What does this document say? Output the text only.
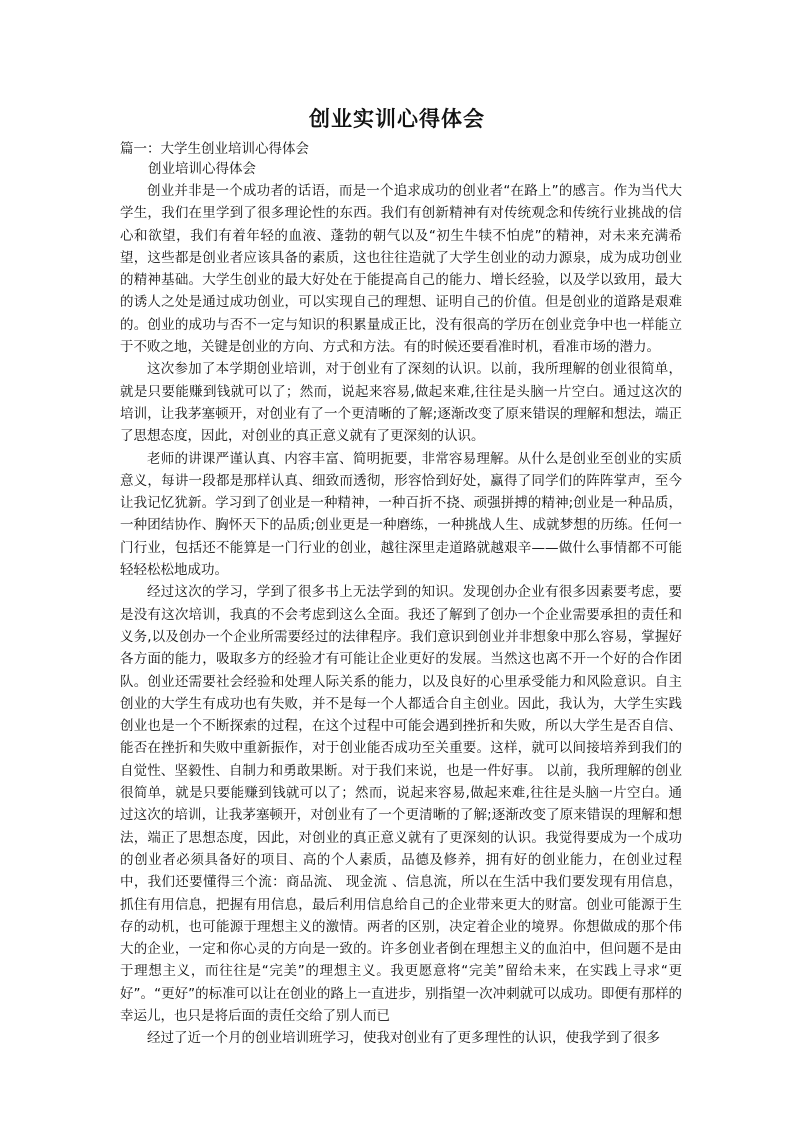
创业实训心得体会
篇一：大学生创业培训心得体会
创业培训心得体会

创业并非是一个成功者的话语，而是一个追求成功的创业者“在路上”的感言。作为当代大学生，我们在里学到了很多理论性的东西。我们有创新精神有对传统观念和传统行业挑战的信心和欲望，我们有着年轻的血液、蓬勃的朝气以及“初生牛犊不怕虎”的精神，对未来充满希望，这些都是创业者应该具备的素质，这也往往造就了大学生创业的动力源泉，成为成功创业的精神基础。大学生创业的最大好处在于能提高自己的能力、增长经验，以及学以致用，最大的诱人之处是通过成功创业，可以实现自己的理想、证明自己的价值。但是创业的道路是艰难的。创业的成功与否不一定与知识的积累量成正比，没有很高的学历在创业竞争中也一样能立于不败之地，关键是创业的方向、方式和方法。有的时候还要看准时机，看准市场的潜力。

这次参加了本学期创业培训，对于创业有了深刻的认识。以前，我所理解的创业很简单，就是只要能赚到钱就可以了；然而，说起来容易,做起来难,往往是头脑一片空白。通过这次的培训，让我茅塞顿开，对创业有了一个更清晰的了解;逐渐改变了原来错误的理解和想法，端正了思想态度，因此，对创业的真正意义就有了更深刻的认识。

老师的讲课严谨认真、内容丰富、简明扼要，非常容易理解。从什么是创业至创业的实质意义，每讲一段都是那样认真、细致而透彻，形容恰到好处，赢得了同学们的阵阵掌声，至今让我记忆犹新。学习到了创业是一种精神，一种百折不挠、顽强拼搏的精神;创业是一种品质，一种团结协作、胸怀天下的品质;创业更是一种磨练，一种挑战人生、成就梦想的历练。任何一门行业，包括还不能算是一门行业的创业，越往深里走道路就越艰辛——做什么事情都不可能轻轻松松地成功。

经过这次的学习，学到了很多书上无法学到的知识。发现创办企业有很多因素要考虑，要是没有这次培训，我真的不会考虑到这么全面。我还了解到了创办一个企业需要承担的责任和义务,以及创办一个企业所需要经过的法律程序。我们意识到创业并非想象中那么容易，掌握好各方面的能力，吸取多方的经验才有可能让企业更好的发展。当然这也离不开一个好的合作团队。创业还需要社会经验和处理人际关系的能力，以及良好的心里承受能力和风险意识。自主创业的大学生有成功也有失败，并不是每一个人都适合自主创业。因此，我认为，大学生实践创业也是一个不断探索的过程，在这个过程中可能会遇到挫折和失败，所以大学生是否自信、能否在挫折和失败中重新振作，对于创业能否成功至关重要。这样，就可以间接培养到我们的自觉性、坚毅性、自制力和勇敢果断。对于我们来说，也是一件好事。 以前，我所理解的创业很简单，就是只要能赚到钱就可以了；然而，说起来容易,做起来难,往往是头脑一片空白。通过这次的培训，让我茅塞顿开，对创业有了一个更清晰的了解;逐渐改变了原来错误的理解和想法，端正了思想态度，因此，对创业的真正意义就有了更深刻的认识。我觉得要成为一个成功的创业者必须具备好的项目、高的个人素质，品德及修养，拥有好的创业能力，在创业过程中，我们还要懂得三个流：商品流、 现金流 、信息流，所以在生活中我们要发现有用信息，抓住有用信息，把握有用信息，最后利用信息给自己的企业带来更大的财富。创业可能源于生存的动机，也可能源于理想主义的激情。两者的区别，决定着企业的境界。你想做成的那个伟大的企业，一定和你心灵的方向是一致的。许多创业者倒在理想主义的血泊中，但问题不是由于理想主义，而往往是“完美”的理想主义。我更愿意将“完美”留给未来，在实践上寻求“更好”。“更好”的标准可以让在创业的路上一直进步，别指望一次冲刺就可以成功。即便有那样的幸运儿，也只是将后面的责任交给了别人而已

经过了近一个月的创业培训班学习，使我对创业有了更多理性的认识，使我学到了很多
